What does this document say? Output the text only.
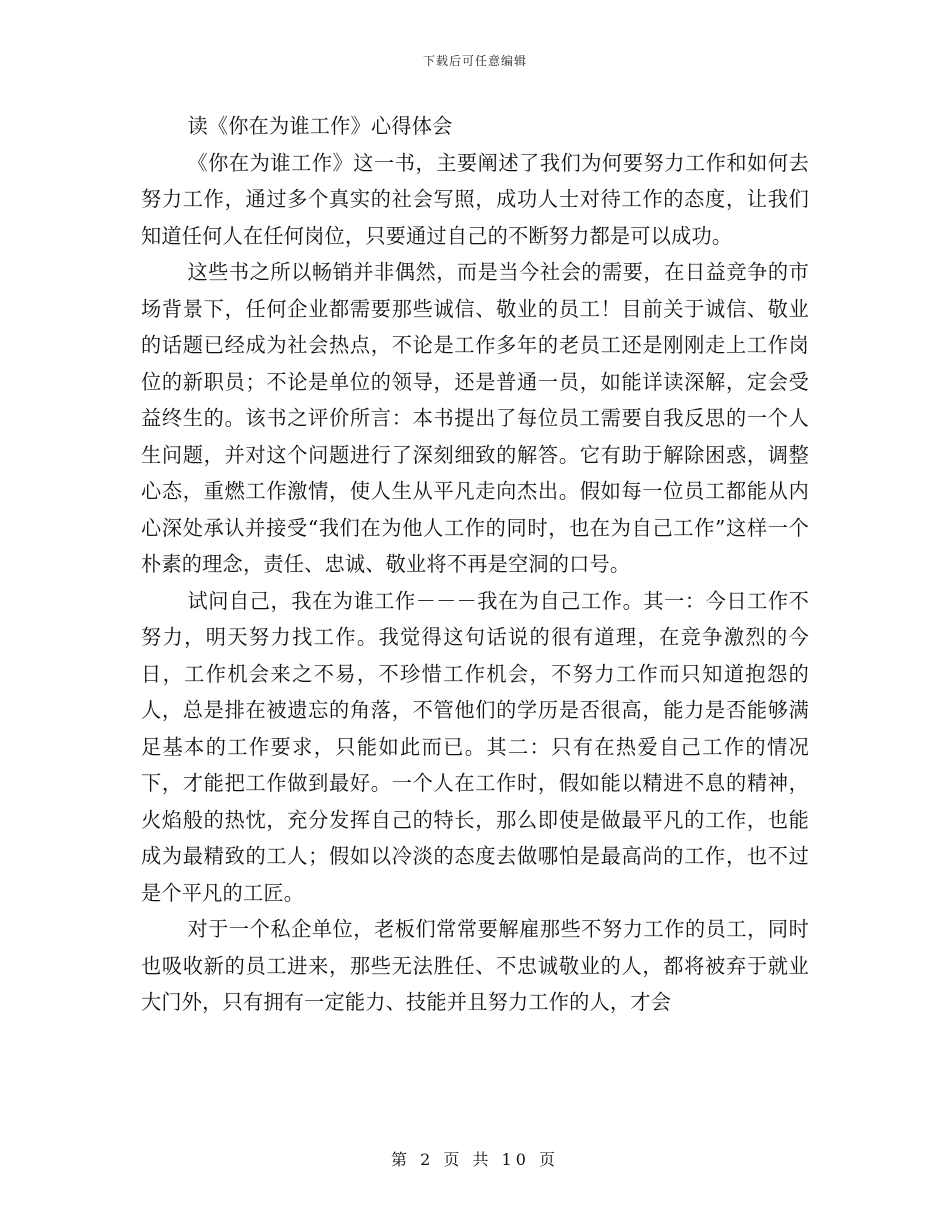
下载后可任意编辑

读《你在为谁工作》心得体会

《你在为谁工作》这一书，主要阐述了我们为何要努力工作和如何去努力工作，通过多个真实的社会写照，成功人士对待工作的态度，让我们知道任何人在任何岗位，只要通过自己的不断努力都是可以成功。

这些书之所以畅销并非偶然，而是当今社会的需要，在日益竞争的市场背景下，任何企业都需要那些诚信、敬业的员工！目前关于诚信、敬业的话题已经成为社会热点，不论是工作多年的老员工还是刚刚走上工作岗位的新职员；不论是单位的领导，还是普通一员，如能详读深解，定会受益终生的。该书之评价所言：本书提出了每位员工需要自我反思的一个人生问题，并对这个问题进行了深刻细致的解答。它有助于解除困惑，调整心态，重燃工作激情，使人生从平凡走向杰出。假如每一位员工都能从内心深处承认并接受“我们在为他人工作的同时，也在为自己工作”这样一个朴素的理念，责任、忠诚、敬业将不再是空洞的口号。

试问自己，我在为谁工作－－－我在为自己工作。其一：今日工作不努力，明天努力找工作。我觉得这句话说的很有道理，在竞争激烈的今日，工作机会来之不易，不珍惜工作机会，不努力工作而只知道抱怨的人，总是排在被遗忘的角落，不管他们的学历是否很高，能力是否能够满足基本的工作要求，只能如此而已。其二：只有在热爱自己工作的情况下，才能把工作做到最好。一个人在工作时，假如能以精进不息的精神，火焰般的热忱，充分发挥自己的特长，那么即使是做最平凡的工作，也能成为最精致的工人；假如以冷淡的态度去做哪怕是最高尚的工作，也不过是个平凡的工匠。

对于一个私企单位，老板们常常要解雇那些不努力工作的员工，同时也吸收新的员工进来，那些无法胜任、不忠诚敬业的人，都将被弃于就业大门外，只有拥有一定能力、技能并且努力工作的人，才会

第 2 页 共 10 页
